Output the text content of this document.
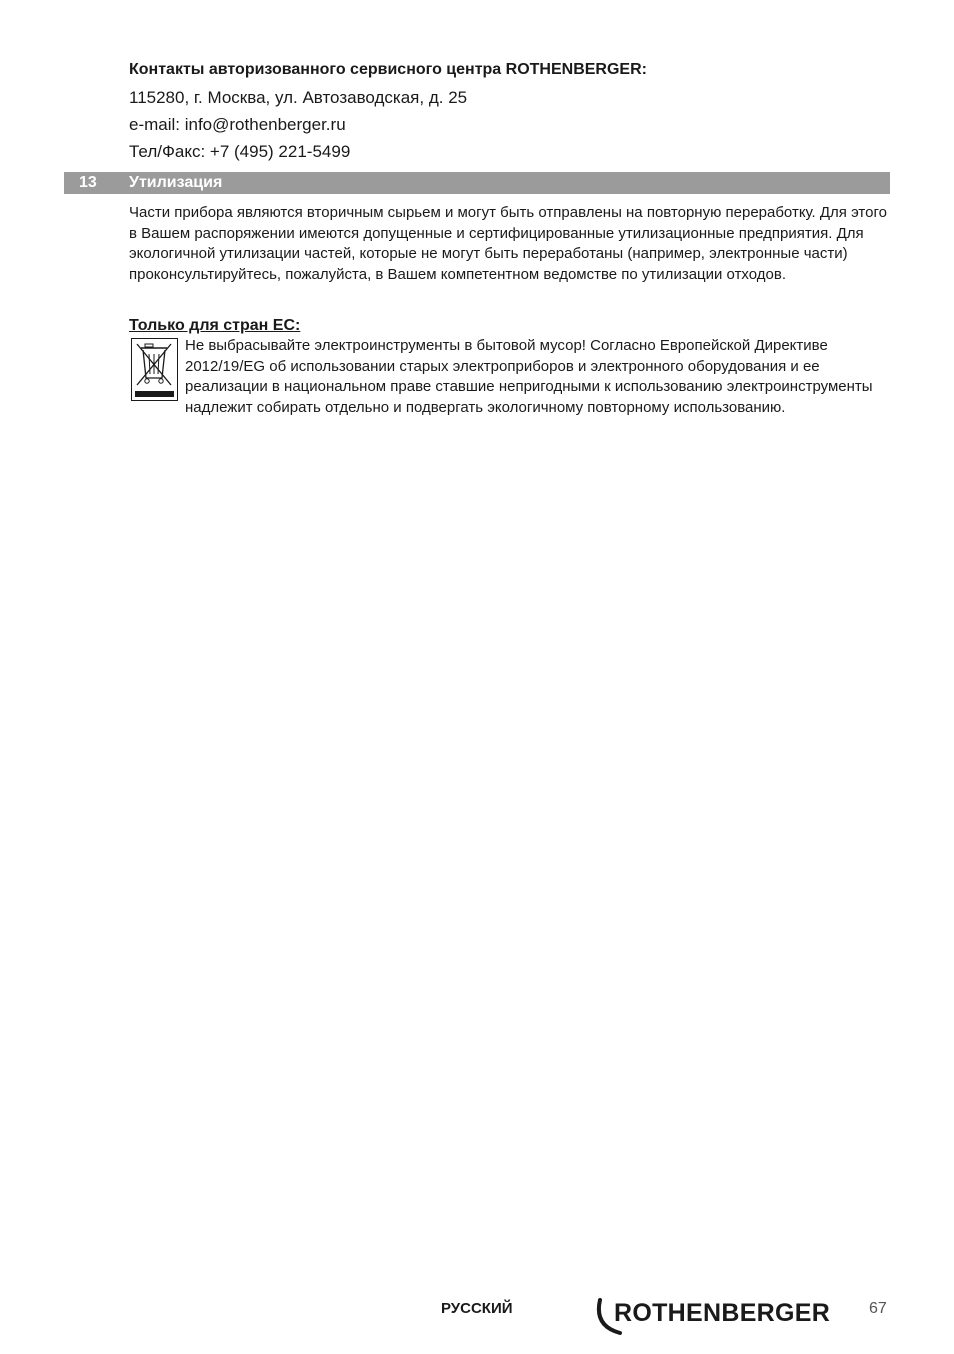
Контакты авторизованного сервисного центра ROTHENBERGER:
115280, г. Москва, ул. Автозаводская, д. 25
e-mail: info@rothenberger.ru
Тел/Факс: +7 (495) 221-5499
13 Утилизация

Части прибора являются вторичным сырьем и могут быть отправлены на повторную переработку. Для этого в Вашем распоряжении имеются допущенные и сертифицированные утилизационные предприятия. Для экологичной утилизации частей, которые не могут быть переработаны (например, электронные части) проконсультируйтесь, пожалуйста, в Вашем компетентном ведомстве по утилизации отходов.

Только для стран ЕС:

Не выбрасывайте электроинструменты в бытовой мусор! Согласно Европейской Директиве 2012/19/EG об использовании старых электроприборов и электронного оборудования и ее реализации в национальном праве ставшие непригодными к использованию электроинструменты надлежит собирать отдельно и подвергать экологичному повторному использованию.

РУССКИЙ	ROTHENBERGER 67
